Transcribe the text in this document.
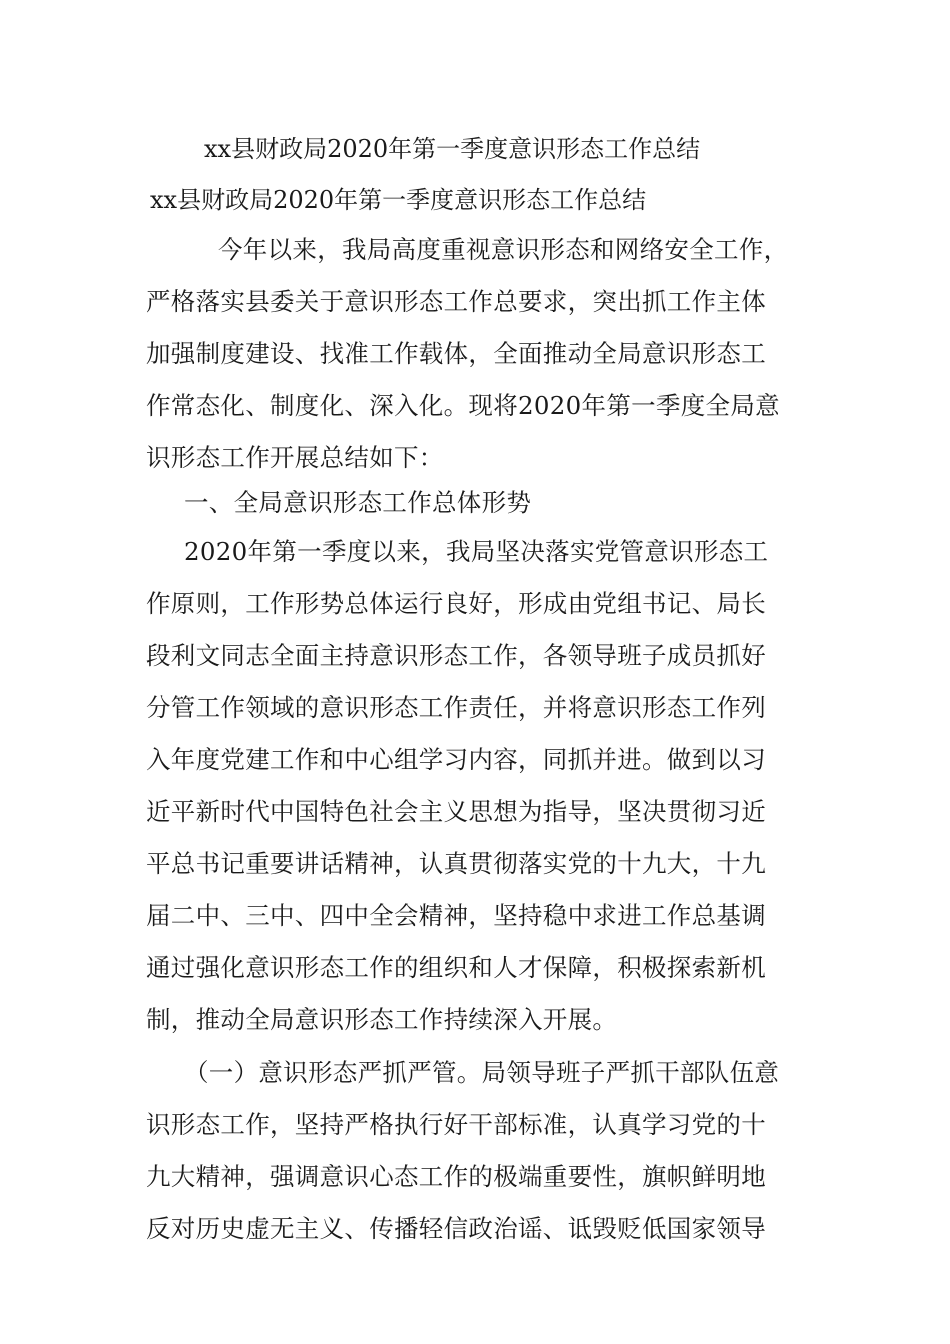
xx县财政局2020年第一季度意识形态工作总结
xx县财政局2020年第一季度意识形态工作总结
今年以来，我局高度重视意识形态和网络安全工作，
严格落实县委关于意识形态工作总要求，突出抓工作主体
加强制度建设、找准工作载体，全面推动全局意识形态工
作常态化、制度化、深入化。现将2020年第一季度全局意
识形态工作开展总结如下：
一、全局意识形态工作总体形势
2020年第一季度以来，我局坚决落实党管意识形态工
作原则，工作形势总体运行良好，形成由党组书记、局长
段利文同志全面主持意识形态工作，各领导班子成员抓好
分管工作领域的意识形态工作责任，并将意识形态工作列
入年度党建工作和中心组学习内容，同抓并进。做到以习
近平新时代中国特色社会主义思想为指导，坚决贯彻习近
平总书记重要讲话精神，认真贯彻落实党的十九大，十九
届二中、三中、四中全会精神，坚持稳中求进工作总基调
通过强化意识形态工作的组织和人才保障，积极探索新机
制，推动全局意识形态工作持续深入开展。
（一）意识形态严抓严管。局领导班子严抓干部队伍意
识形态工作，坚持严格执行好干部标准，认真学习党的十
九大精神，强调意识心态工作的极端重要性，旗帜鲜明地
反对历史虚无主义、传播轻信政治谣、诋毁贬低国家领导
